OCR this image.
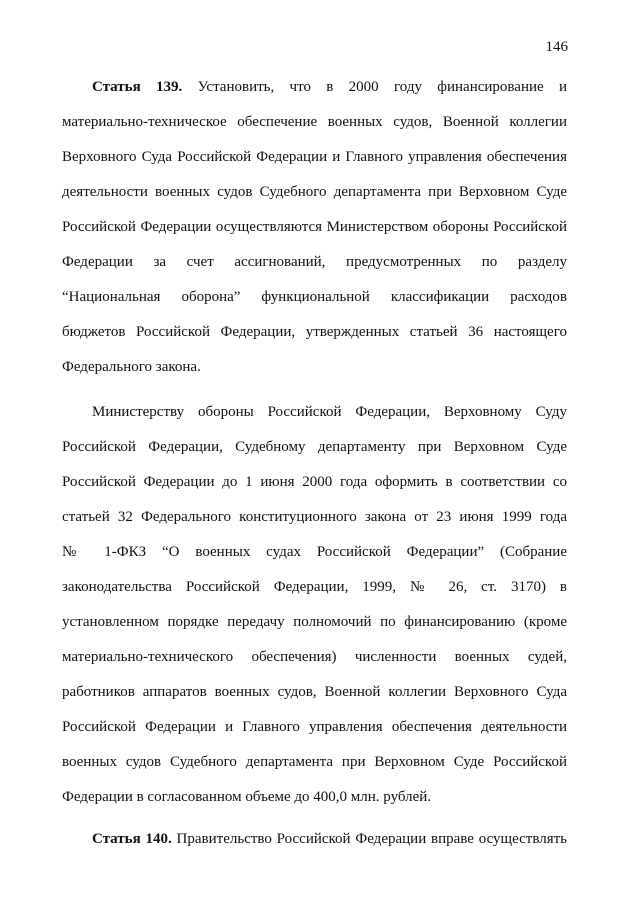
146
Статья 139. Установить, что в 2000 году финансирование и
материально-техническое обеспечение военных судов, Военной коллегии
Верховного Суда Российской Федерации и Главного управления обеспечения
деятельности военных судов Судебного департамента при Верховном Суде
Российской Федерации осуществляются Министерством обороны Российской
Федерации за счет ассигнований, предусмотренных по разделу
“Национальная оборона” функциональной классификации расходов
бюджетов Российской Федерации, утвержденных статьей 36 настоящего
Федерального закона.
Министерству обороны Российской Федерации, Верховному Суду
Российской Федерации, Судебному департаменту при Верховном Суде
Российской Федерации до 1 июня 2000 года оформить в соответствии со
статьей 32 Федерального конституционного закона от 23 июня 1999 года
№ 1-ФКЗ “О военных судах Российской Федерации” (Собрание
законодательства Российской Федерации, 1999, № 26, ст. 3170) в
установленном порядке передачу полномочий по финансированию (кроме
материально-технического обеспечения) численности военных судей,
работников аппаратов военных судов, Военной коллегии Верховного Суда
Российской Федерации и Главного управления обеспечения деятельности
военных судов Судебного департамента при Верховном Суде Российской
Федерации в согласованном объеме до 400,0 млн. рублей.
Статья 140. Правительство Российской Федерации вправе осуществлять
